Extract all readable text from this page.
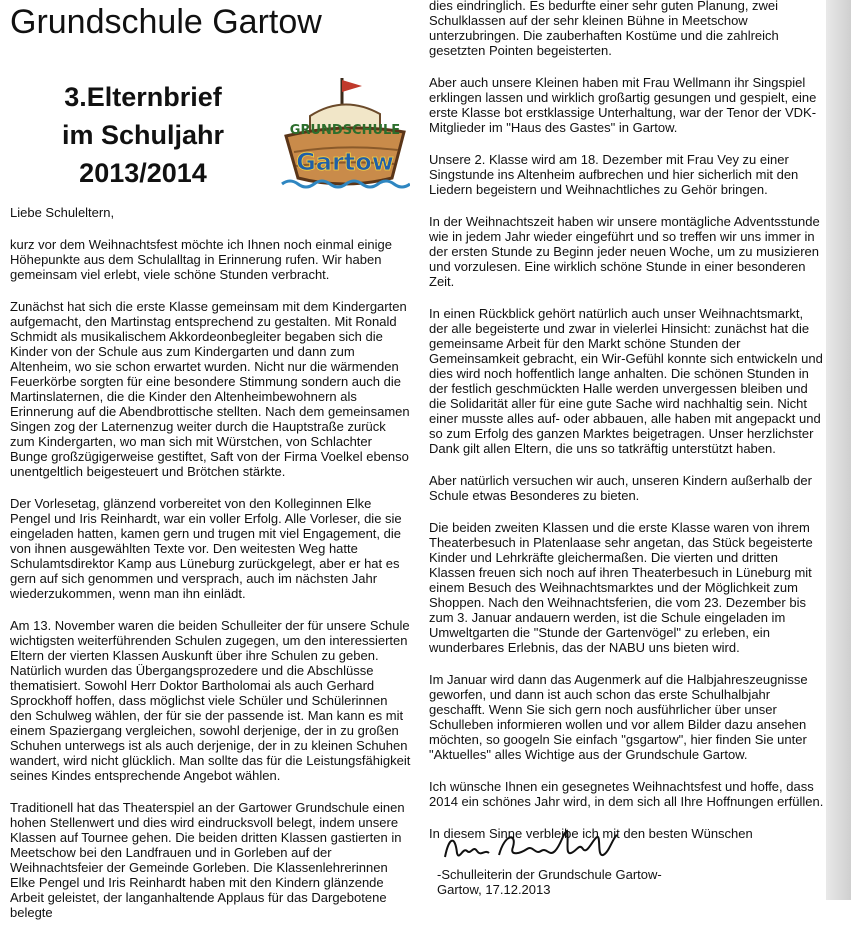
Grundschule Gartow
3.Elternbrief
im Schuljahr
2013/2014
GRUNDSCHULE
Gartow

Liebe Schuleltern,

kurz vor dem Weihnachtsfest möchte ich Ihnen noch einmal einige Höhepunkte aus dem Schulalltag in Erinnerung rufen. Wir haben gemeinsam viel erlebt, viele schöne Stunden verbracht.

Zunächst hat sich die erste Klasse gemeinsam mit dem Kindergarten aufgemacht, den Martinstag entsprechend zu gestalten. Mit Ronald Schmidt als musikalischem Akkordeonbegleiter begaben sich die Kinder von der Schule aus zum Kindergarten und dann zum Altenheim, wo sie schon erwartet wurden. Nicht nur die wärmenden Feuerkörbe sorgten für eine besondere Stimmung sondern auch die Martinslaternen, die die Kinder den Altenheimbewohnern als Erinnerung auf die Abendbrottische stellten. Nach dem gemeinsamen Singen zog der Laternenzug weiter durch die Hauptstraße zurück zum Kindergarten, wo man sich mit Würstchen, von Schlachter Bunge großzügigerweise gestiftet, Saft von der Firma Voelkel ebenso unentgeltlich beigesteuert und Brötchen stärkte.

Der Vorlesetag, glänzend vorbereitet von den Kolleginnen Elke Pengel und Iris Reinhardt, war ein voller Erfolg. Alle Vorleser, die sie eingeladen hatten, kamen gern und trugen mit viel Engagement, die von ihnen ausgewählten Texte vor. Den weitesten Weg hatte Schulamtsdirektor Kamp aus Lüneburg zurückgelegt, aber er hat es gern auf sich genommen und versprach, auch im nächsten Jahr wiederzukommen, wenn man ihn einlädt.

Am 13. November waren die beiden Schulleiter der für unsere Schule wichtigsten weiterführenden Schulen zugegen, um den interessierten Eltern der vierten Klassen Auskunft über ihre Schulen zu geben. Natürlich wurden das Übergangsprozedere und die Abschlüsse thematisiert. Sowohl Herr Doktor Bartholomai als auch Gerhard Sprockhoff hoffen, dass möglichst viele Schüler und Schülerinnen den Schulweg wählen, der für sie der passende ist. Man kann es mit einem Spaziergang vergleichen, sowohl derjenige, der in zu großen Schuhen unterwegs ist als auch derjenige, der in zu kleinen Schuhen wandert, wird nicht glücklich. Man sollte das für die Leistungsfähigkeit seines Kindes entsprechende Angebot wählen.

Traditionell hat das Theaterspiel an der Gartower Grundschule einen hohen Stellenwert und dies wird eindrucksvoll belegt, indem unsere Klassen auf Tournee gehen. Die beiden dritten Klassen gastierten in Meetschow bei den Landfrauen und in Gorleben auf der Weihnachtsfeier der Gemeinde Gorleben. Die Klassenlehrerinnen Elke Pengel und Iris Reinhardt haben mit den Kindern glänzende Arbeit geleistet, der langanhaltende Applaus für das Dargebotene belegte

dies eindringlich. Es bedurfte einer sehr guten Planung, zwei Schulklassen auf der sehr kleinen Bühne in Meetschow unterzubringen. Die zauberhaften Kostüme und die zahlreich gesetzten Pointen begeisterten.

Aber auch unsere Kleinen haben mit Frau Wellmann ihr Singspiel erklingen lassen und wirklich großartig gesungen und gespielt, eine erste Klasse bot erstklassige Unterhaltung, war der Tenor der VDK-Mitglieder im "Haus des Gastes" in Gartow.

Unsere 2. Klasse wird am 18. Dezember mit Frau Vey zu einer Singstunde ins Altenheim aufbrechen und hier sicherlich mit den Liedern begeistern und Weihnachtliches zu Gehör bringen.

In der Weihnachtszeit haben wir unsere montägliche Adventsstunde wie in jedem Jahr wieder eingeführt und so treffen wir uns immer in der ersten Stunde zu Beginn jeder neuen Woche, um zu musizieren und vorzulesen. Eine wirklich schöne Stunde in einer besonderen Zeit.

In einen Rückblick gehört natürlich auch unser Weihnachtsmarkt, der alle begeisterte und zwar in vielerlei Hinsicht: zunächst hat die gemeinsame Arbeit für den Markt schöne Stunden der Gemeinsamkeit gebracht, ein Wir-Gefühl konnte sich entwickeln und dies wird noch hoffentlich lange anhalten. Die schönen Stunden in der festlich geschmückten Halle werden unvergessen bleiben und die Solidarität aller für eine gute Sache wird nachhaltig sein. Nicht einer musste alles auf- oder abbauen, alle haben mit angepackt und so zum Erfolg des ganzen Marktes beigetragen. Unser herzlichster Dank gilt allen Eltern, die uns so tatkräftig unterstützt haben.

Aber natürlich versuchen wir auch, unseren Kindern außerhalb der Schule etwas Besonderes zu bieten.

Die beiden zweiten Klassen und die erste Klasse waren von ihrem Theaterbesuch in Platenlaase sehr angetan, das Stück begeisterte Kinder und Lehrkräfte gleichermaßen. Die vierten und dritten Klassen freuen sich noch auf ihren Theaterbesuch in Lüneburg mit einem Besuch des Weihnachtsmarktes und der Möglichkeit zum Shoppen. Nach den Weihnachtsferien, die vom 23. Dezember bis zum 3. Januar andauern werden, ist die Schule eingeladen im Umweltgarten die "Stunde der Gartenvögel" zu erleben, ein wunderbares Erlebnis, das der NABU uns bieten wird.

Im Januar wird dann das Augenmerk auf die Halbjahreszeugnisse geworfen, und dann ist auch schon das erste Schulhalbjahr geschafft. Wenn Sie sich gern noch ausführlicher über unser Schulleben informieren wollen und vor allem Bilder dazu ansehen möchten, so googeln Sie einfach "gsgartow", hier finden Sie unter "Aktuelles" alles Wichtige aus der Grundschule Gartow.

Ich wünsche Ihnen ein gesegnetes Weihnachtsfest und hoffe, dass 2014 ein schönes Jahr wird, in dem sich all Ihre Hoffnungen erfüllen.

In diesem Sinne verbleibe ich mit den besten Wünschen

-Schulleiterin der Grundschule Gartow-
Gartow, 17.12.2013
